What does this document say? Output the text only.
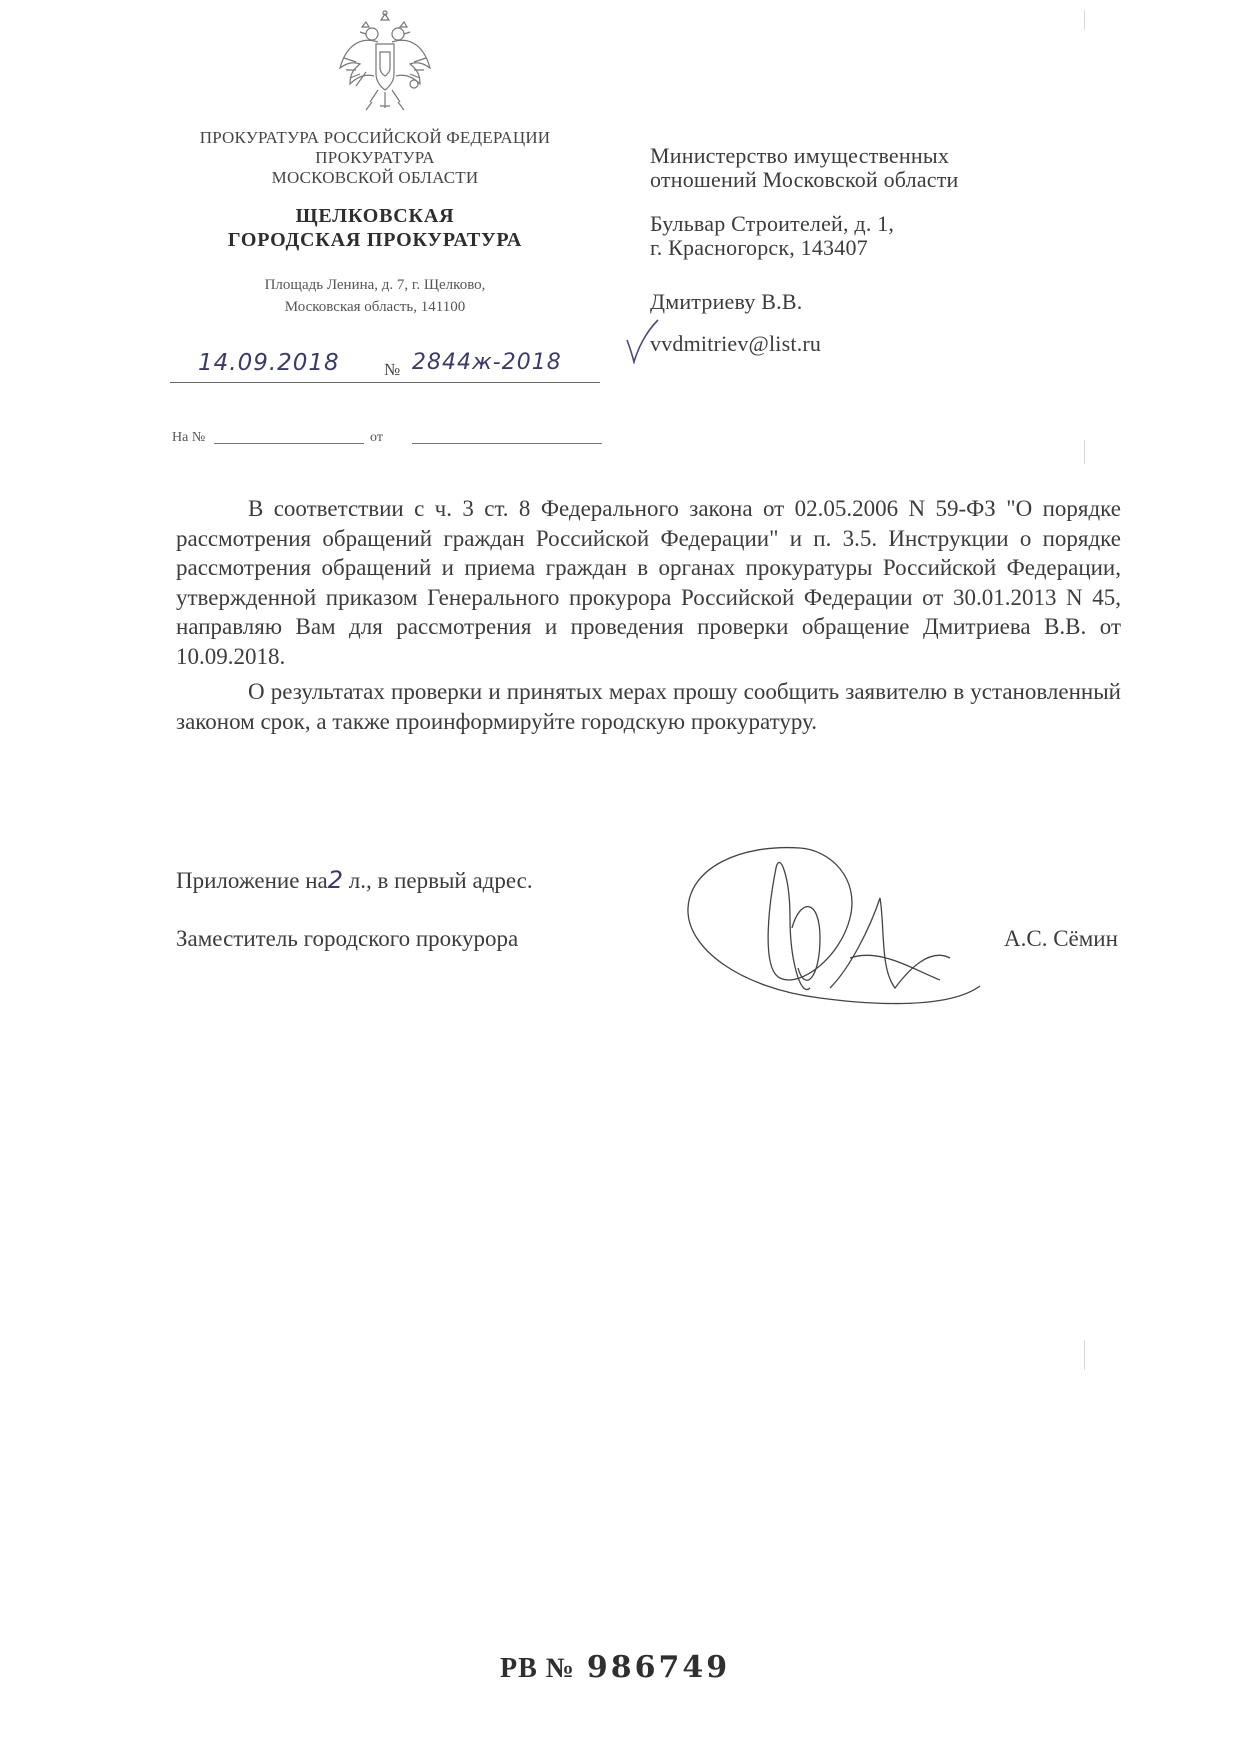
ПРОКУРАТУРА РОССИЙСКОЙ ФЕДЕРАЦИИ
ПРОКУРАТУРА
МОСКОВСКОЙ ОБЛАСТИ
ЩЕЛКОВСКАЯ
ГОРОДСКАЯ ПРОКУРАТУРА
Площадь Ленина, д. 7, г. Щелково,
Московская область, 141100
14.09.2018	№ 2844ж-2018
На №	от
Министерство имущественных
отношений Московской области
Бульвар Строителей, д. 1,
г. Красногорск, 143407
Дмитриеву В.В.
vvdmitriev@list.ru

В соответствии с ч. 3 ст. 8 Федерального закона от 02.05.2006 N 59-ФЗ "О порядке рассмотрения обращений граждан Российской Федерации" и п. 3.5. Инструкции о порядке рассмотрения обращений и приема граждан в органах прокуратуры Российской Федерации, утвержденной приказом Генерального прокурора Российской Федерации от 30.01.2013 N 45, направляю Вам для рассмотрения и проведения проверки обращение Дмитриева В.В. от 10.09.2018.

О результатах проверки и принятых мерах прошу сообщить заявителю в установленный законом срок, а также проинформируйте городскую прокуратуру.

Приложение на2 л., в первый адрес.
Заместитель городского прокурора	А.С. Сёмин
РВ № 986749
